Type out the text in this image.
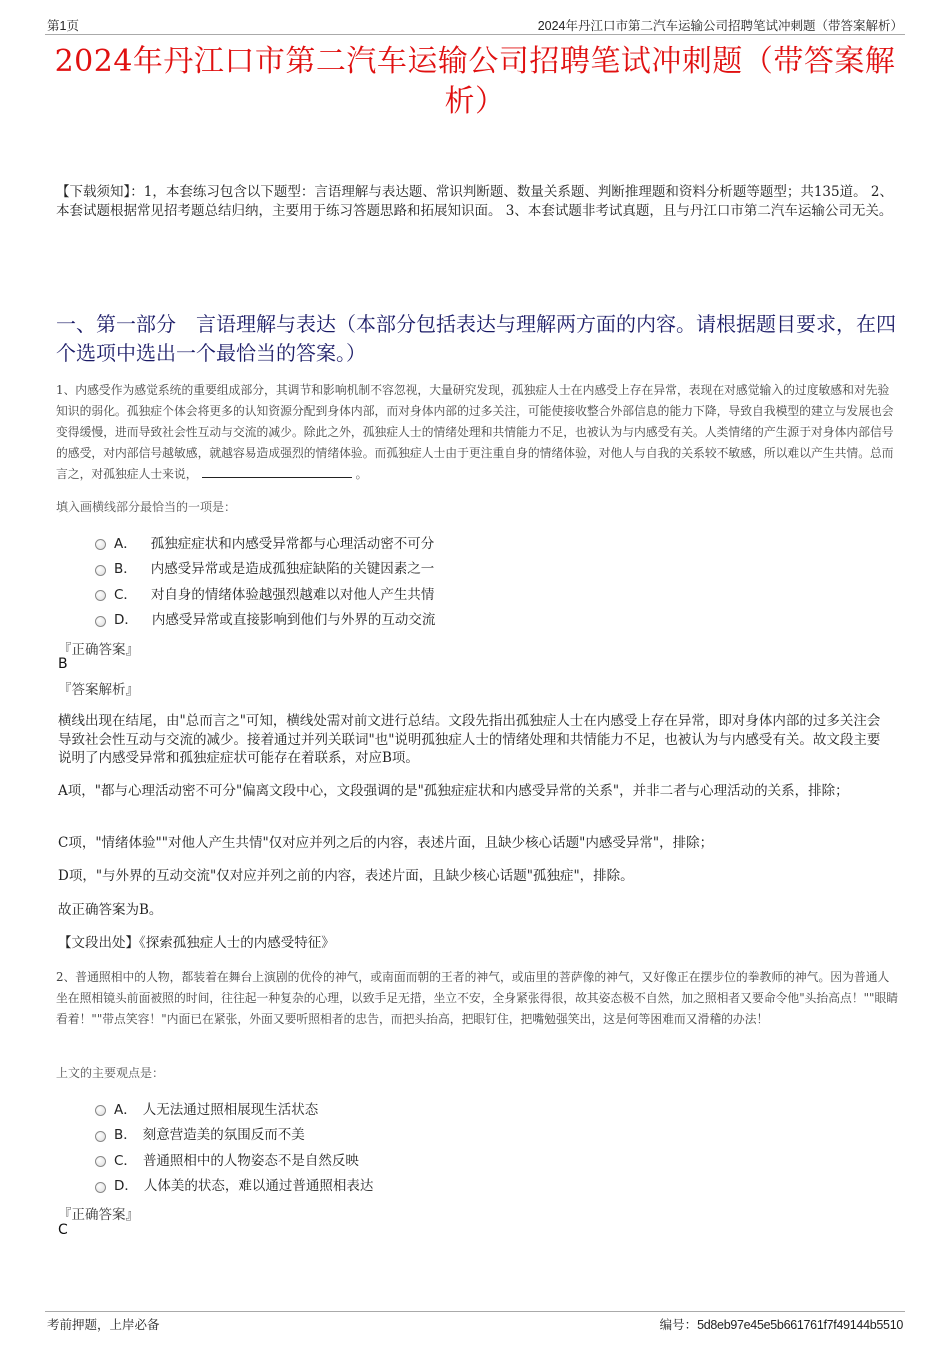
第1页	2024年丹江口市第二汽车运输公司招聘笔试冲刺题（带答案解析）
2024年丹江口市第二汽车运输公司招聘笔试冲刺题（带答案解
析）
【下载须知】：1，本套练习包含以下题型：言语理解与表达题、常识判断题、数量关系题、判断推理题和资料分析题等题型；共135道。 2、本套试题根据常见招考题总结归纳，主要用于练习答题思路和拓展知识面。 3、本套试题非考试真题，且与丹江口市第二汽车运输公司无关。
一、第一部分　言语理解与表达（本部分包括表达与理解两方面的内容。请根据题目要求，在四个选项中选出一个最恰当的答案。）
1、内感受作为感觉系统的重要组成部分，其调节和影响机制不容忽视，大量研究发现，孤独症人士在内感受上存在异常，表现在对感觉输入的过度敏感和对先验知识的弱化。孤独症个体会将更多的认知资源分配到身体内部，而对身体内部的过多关注，可能使接收整合外部信息的能力下降，导致自我模型的建立与发展也会变得缓慢，进而导致社会性互动与交流的减少。除此之外，孤独症人士的情绪处理和共情能力不足，也被认为与内感受有关。人类情绪的产生源于对身体内部信号的感受，对内部信号越敏感，就越容易造成强烈的情绪体验。而孤独症人士由于更注重自身的情绪体验，对他人与自我的关系较不敏感，所以难以产生共情。总而言之，对孤独症人士来说，	。
填入画横线部分最恰当的一项是：
A． 孤独症症状和内感受异常都与心理活动密不可分
B． 内感受异常或是造成孤独症缺陷的关键因素之一
C． 对自身的情绪体验越强烈越难以对他人产生共情
D． 内感受异常或直接影响到他们与外界的互动交流
『正确答案』
B
『答案解析』
横线出现在结尾，由"总而言之"可知，横线处需对前文进行总结。文段先指出孤独症人士在内感受上存在异常，即对身体内部的过多关注会导致社会性互动与交流的减少。接着通过并列关联词"也"说明孤独症人士的情绪处理和共情能力不足，也被认为与内感受有关。故文段主要说明了内感受异常和孤独症症状可能存在着联系，对应B项。
A项，"都与心理活动密不可分"偏离文段中心，文段强调的是"孤独症症状和内感受异常的关系"，并非二者与心理活动的关系，排除；
C项，"情绪体验""对他人产生共情"仅对应并列之后的内容，表述片面，且缺少核心话题"内感受异常"，排除；
D项，"与外界的互动交流"仅对应并列之前的内容，表述片面，且缺少核心话题"孤独症"，排除。
故正确答案为B。
【文段出处】《探索孤独症人士的内感受特征》
2、普通照相中的人物，都装着在舞台上演剧的优伶的神气，或南面而朝的王者的神气，或庙里的菩萨像的神气，又好像正在摆步位的拳教师的神气。因为普通人坐在照相镜头前面被照的时间，往往起一种复杂的心理，以致手足无措，坐立不安，全身紧张得很，故其姿态极不自然，加之照相者又要命令他"头抬高点！""眼睛看着！""带点笑容！"内面已在紧张，外面又要听照相者的忠告，而把头抬高，把眼钉住，把嘴勉强笑出，这是何等困难而又滑稽的办法！
上文的主要观点是：
A． 人无法通过照相展现生活状态
B． 刻意营造美的氛围反而不美
C． 普通照相中的人物姿态不是自然反映
D． 人体美的状态，难以通过普通照相表达
『正确答案』
C
考前押题，上岸必备	编号：5d8eb97e45e5b661761f7f49144b5510
